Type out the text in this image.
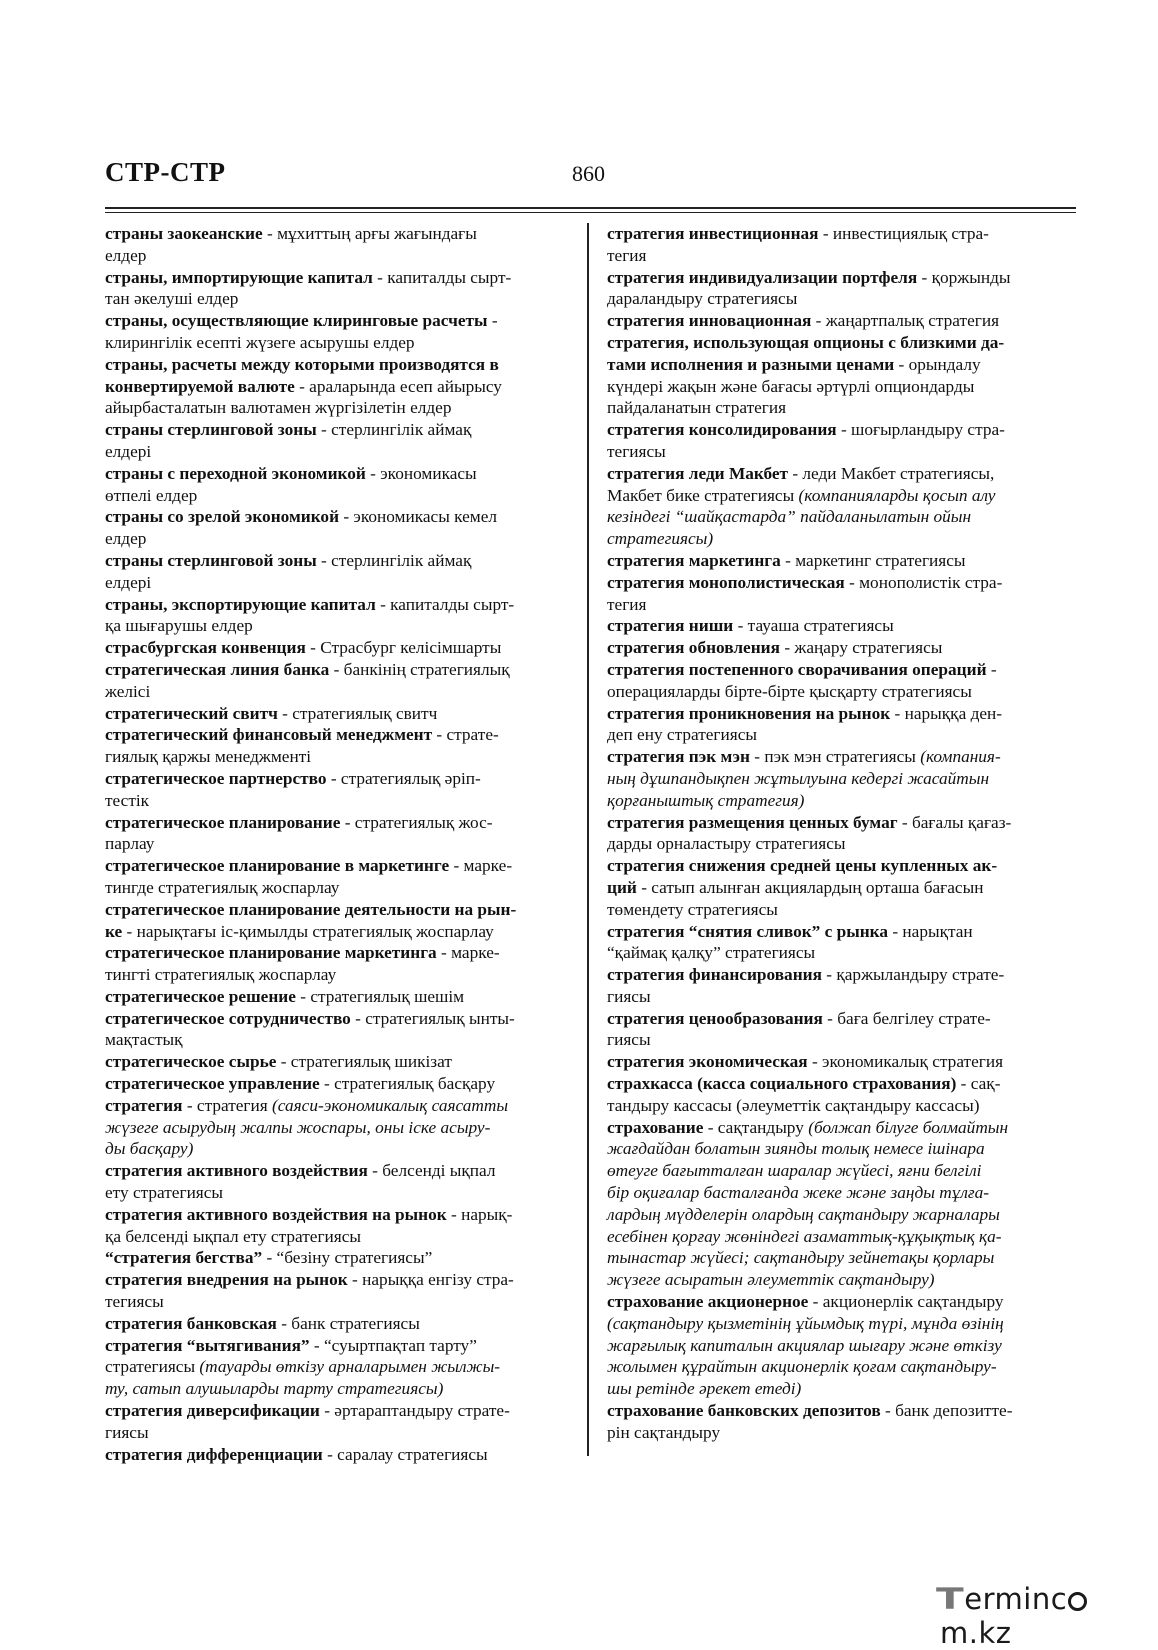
СТР-СТР	860

страны заокеанские - мұхиттың арғы жағындағы
елдер

страны, импортирующие капитал - капиталды сырт-
тан әкелуші елдер

страны, осуществляющие клиринговые расчеты -
клирингілік есепті жүзеге асырушы елдер

страны, расчеты между которыми производятся в
конвертируемой валюте - араларында есеп айырысу
айырбасталатын валютамен жүргізілетін елдер

страны стерлинговой зоны - стерлингілік аймақ
елдері

страны с переходной экономикой - экономикасы
өтпелі елдер

страны со зрелой экономикой - экономикасы кемел
елдер

страны стерлинговой зоны - стерлингілік аймақ
елдері

страны, экспортирующие капитал - капиталды сырт-
қа шығарушы елдер

страсбургская конвенция - Страсбург келісімшарты

стратегическая линия банка - банкінің стратегиялық
желісі

стратегический свитч - стратегиялық свитч

стратегический финансовый менеджмент - страте-
гиялық қаржы менеджменті

стратегическое партнерство - стратегиялық әріп-
тестік

стратегическое планирование - стратегиялық жос-
парлау

стратегическое планирование в маркетинге - марке-
тингде стратегиялық жоспарлау

стратегическое планирование деятельности на рын-
ке - нарықтағы іс-қимылды стратегиялық жоспарлау

стратегическое планирование маркетинга - марке-
тингті стратегиялық жоспарлау

стратегическое решение - стратегиялық шешім

стратегическое сотрудничество - стратегиялық ынты-
мақтастық

стратегическое сырье - стратегиялық шикізат

стратегическое управление - стратегиялық басқару

стратегия - стратегия (саяси-экономикалық саясатты
жүзеге асырудың жалпы жоспары, оны іске асыру-
ды басқару)

стратегия активного воздействия - белсенді ықпал
ету стратегиясы

стратегия активного воздействия на рынок - нарық-
қа белсенді ықпал ету стратегиясы

“стратегия бегства” - “безіну стратегиясы”

стратегия внедрения на рынок - нарыққа енгізу стра-
тегиясы

стратегия банковская - банк стратегиясы

стратегия “вытягивания” - “суыртпақтап тарту”
стратегиясы (тауарды өткізу арналарымен жылжы-
ту, сатып алушыларды тарту стратегиясы)

стратегия диверсификации - әртараптандыру страте-
гиясы

стратегия дифференциации - саралау стратегиясы

стратегия инвестиционная - инвестициялық стра-
тегия

стратегия индивидуализации портфеля - қоржынды
дараландыру стратегиясы

стратегия инновационная - жаңартпалық стратегия

стратегия, использующая опционы с близкими да-
тами исполнения и разными ценами - орындалу
күндері жақын және бағасы әртүрлі опциондарды
пайдаланатын стратегия

стратегия консолидирования - шоғырландыру стра-
тегиясы

стратегия леди Макбет - леди Макбет стратегиясы,
Макбет бике стратегиясы (компанияларды қосып алу
кезіндегі “шайқастарда” пайдаланылатын ойын
стратегиясы)

стратегия маркетинга - маркетинг стратегиясы

стратегия монополистическая - монополистік стра-
тегия

стратегия ниши - тауаша стратегиясы

стратегия обновления - жаңару стратегиясы

стратегия постепенного сворачивания операций -
операцияларды бірте-бірте қысқарту стратегиясы

стратегия проникновения на рынок - нарыққа ден-
деп ену стратегиясы

стратегия пэк мэн - пэк мэн стратегиясы (компания-
ның дұшпандықпен жұтылуына кедергі жасайтын
қорғаныштық стратегия)

стратегия размещения ценных бумаг - бағалы қағаз-
дарды орналастыру стратегиясы

стратегия снижения средней цены купленных ак-
ций - сатып алынған акциялардың орташа бағасын
төмендету стратегиясы

стратегия “снятия сливок” с рынка - нарықтан
“қаймақ қалқу” стратегиясы

стратегия финансирования - қаржыландыру страте-
гиясы

стратегия ценообразования - баға белгілеу страте-
гиясы

стратегия экономическая - экономикалық стратегия

страхкасса (касса социального страхования) - сақ-
тандыру кассасы (әлеуметтік сақтандыру кассасы)

страхование - сақтандыру (болжап білуге болмайтын
жағдайдан болатын зиянды толық немесе ішінара
өтеуге бағытталған шаралар жүйесі, яғни белгілі
бір оқиғалар басталғанда жеке және заңды тұлға-
лардың мүдделерін олардың сақтандыру жарналары
есебінен қорғау жөніндегі азаматтық-құқықтық қа-
тынастар жүйесі; сақтандыру зейнетақы қорлары
жүзеге асыратын әлеуметтік сақтандыру)

страхование акционерное - акционерлік сақтандыру
(сақтандыру қызметінің ұйымдық түрі, мұнда өзінің
жарғылық капиталын акциялар шығару және өткізу
жолымен құрайтын акционерлік қоғам сақтандыру-
шы ретінде әрекет етеді)

страхование банковских депозитов - банк депозитте-
рін сақтандыру

Termincm.kz
